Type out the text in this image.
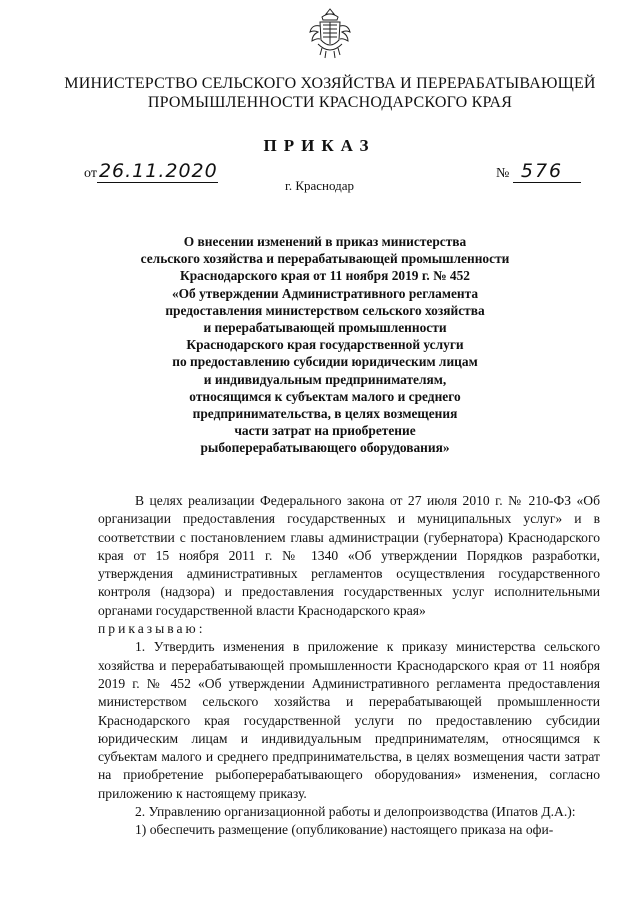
МИНИСТЕРСТВО СЕЛЬСКОГО ХОЗЯЙСТВА И ПЕРЕРАБАТЫВАЮЩЕЙ
ПРОМЫШЛЕННОСТИ КРАСНОДАРСКОГО КРАЯ
ПРИКАЗ
от 26.11.2020	№ 576
г. Краснодар
О внесении изменений в приказ министерства
сельского хозяйства и перерабатывающей промышленности
Краснодарского края от 11 ноября 2019 г. № 452
«Об утверждении Административного регламента
предоставления министерством сельского хозяйства
и перерабатывающей промышленности
Краснодарского края государственной услуги
по предоставлению субсидии юридическим лицам
и индивидуальным предпринимателям,
относящимся к субъектам малого и среднего
предпринимательства, в целях возмещения
части затрат на приобретение
рыбоперерабатывающего оборудования»

В целях реализации Федерального закона от 27 июля 2010 г. № 210-ФЗ «Об организации предоставления государственных и муниципальных услуг» и в соответствии с постановлением главы администрации (губернатора) Краснодарского края от 15 ноября 2011 г. № 1340 «Об утверждении Порядков разработки, утверждения административных регламентов осуществления государственного контроля (надзора) и предоставления государственных услуг исполнительными органами государственной власти Краснодарского края»

приказываю:

1. Утвердить изменения в приложение к приказу министерства сельского хозяйства и перерабатывающей промышленности Краснодарского края от 11 ноября 2019 г. № 452 «Об утверждении Административного регламента предоставления министерством сельского хозяйства и перерабатывающей промышленности Краснодарского края государственной услуги по предоставлению субсидии юридическим лицам и индивидуальным предпринимателям, относящимся к субъектам малого и среднего предпринимательства, в целях возмещения части затрат на приобретение рыбоперерабатывающего оборудования» изменения, согласно приложению к настоящему приказу.

2. Управлению организационной работы и делопроизводства (Ипатов Д.А.):

1) обеспечить размещение (опубликование) настоящего приказа на офи-
